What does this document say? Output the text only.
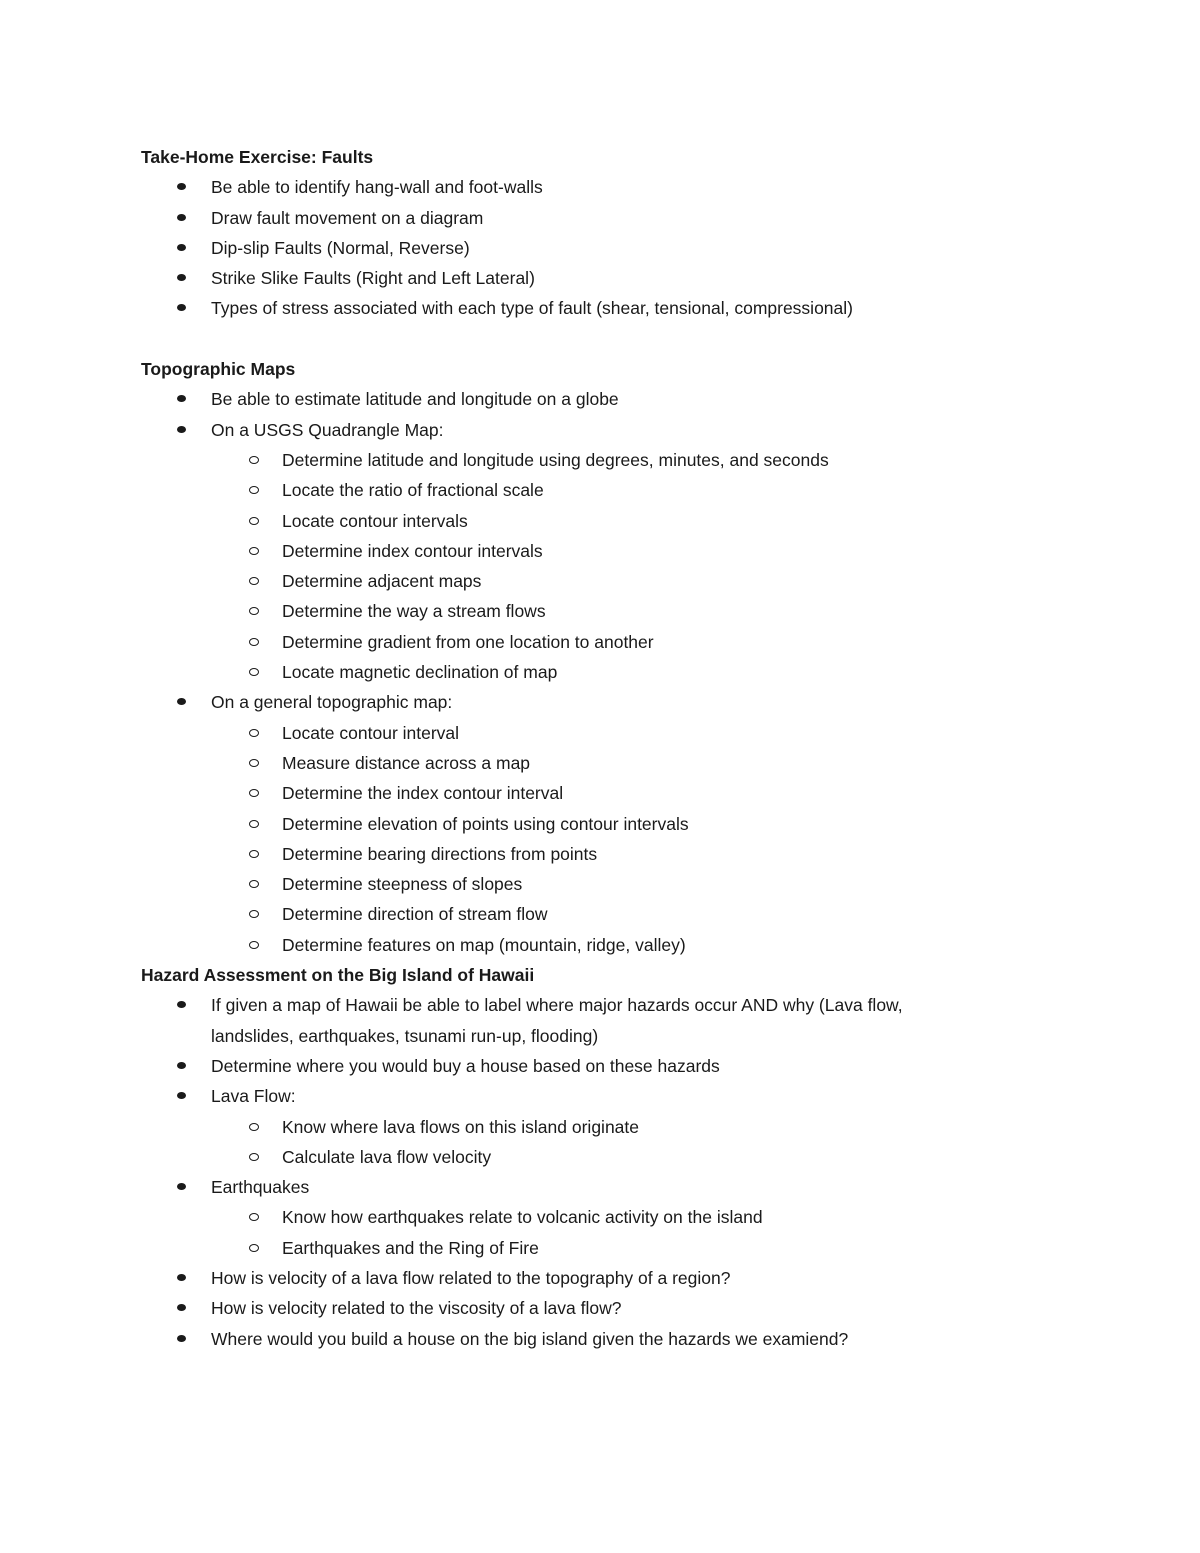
Take-Home Exercise: Faults
Be able to identify hang-wall and foot-walls
Draw fault movement on a diagram
Dip-slip Faults (Normal, Reverse)
Strike Slike Faults (Right and Left Lateral)
Types of stress associated with each type of fault (shear, tensional, compressional)
Topographic Maps
Be able to estimate latitude and longitude on a globe
On a USGS Quadrangle Map:
Determine latitude and longitude using degrees, minutes, and seconds
Locate the ratio of fractional scale
Locate contour intervals
Determine index contour intervals
Determine adjacent maps
Determine the way a stream flows
Determine gradient from one location to another
Locate magnetic declination of map
On a general topographic map:
Locate contour interval
Measure distance across a map
Determine the index contour interval
Determine elevation of points using contour intervals
Determine bearing directions from points
Determine steepness of slopes
Determine direction of stream flow
Determine features on map (mountain, ridge, valley)
Hazard Assessment on the Big Island of Hawaii
If given a map of Hawaii be able to label where major hazards occur AND why (Lava flow,
landslides, earthquakes, tsunami run-up, flooding)
Determine where you would buy a house based on these hazards
Lava Flow:
Know where lava flows on this island originate
Calculate lava flow velocity
Earthquakes
Know how earthquakes relate to volcanic activity on the island
Earthquakes and the Ring of Fire
How is velocity of a lava flow related to the topography of a region?
How is velocity related to the viscosity of a lava flow?
Where would you build a house on the big island given the hazards we examiend?
